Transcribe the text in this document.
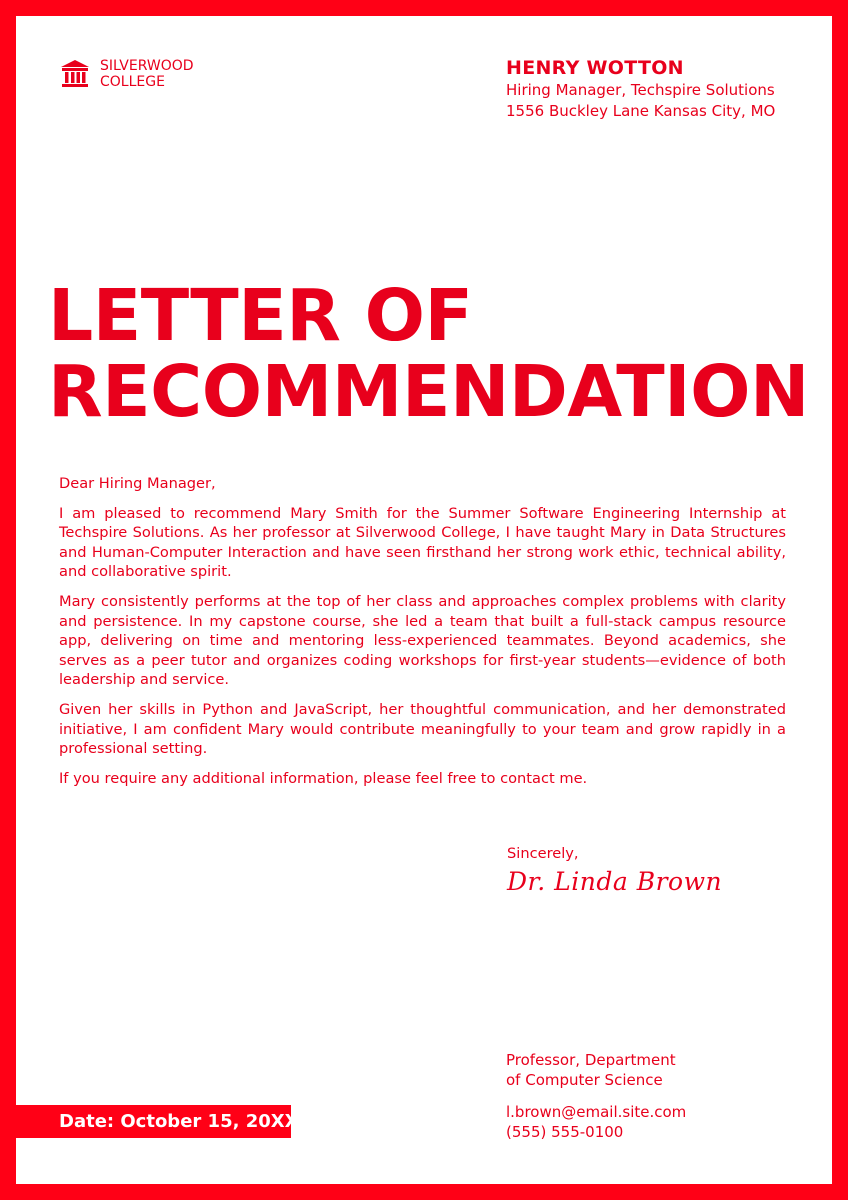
SILVERWOOD
COLLEGE
HENRY WOTTON
Hiring Manager, Techspire Solutions
1556 Buckley Lane Kansas City, MO
LETTER OF
RECOMMENDATION

Dear Hiring Manager,

I am pleased to recommend Mary Smith for the Summer Software Engineering Internship at Techspire Solutions. As her professor at Silverwood College, I have taught Mary in Data Structures and Human-Computer Interaction and have seen firsthand her strong work ethic, technical ability, and collaborative spirit.

Mary consistently performs at the top of her class and approaches complex problems with clarity and persistence. In my capstone course, she led a team that built a full-stack campus resource app, delivering on time and mentoring less-experienced teammates. Beyond academics, she serves as a peer tutor and organizes coding workshops for first-year students—evidence of both leadership and service.

Given her skills in Python and JavaScript, her thoughtful communication, and her demonstrated initiative, I am confident Mary would contribute meaningfully to your team and grow rapidly in a professional setting.

If you require any additional information, please feel free to contact me.

Sincerely,
Dr. Linda Brown
Professor, Department
of Computer Science
l.brown@email.site.com
(555) 555-0100
Date: October 15, 20XX
